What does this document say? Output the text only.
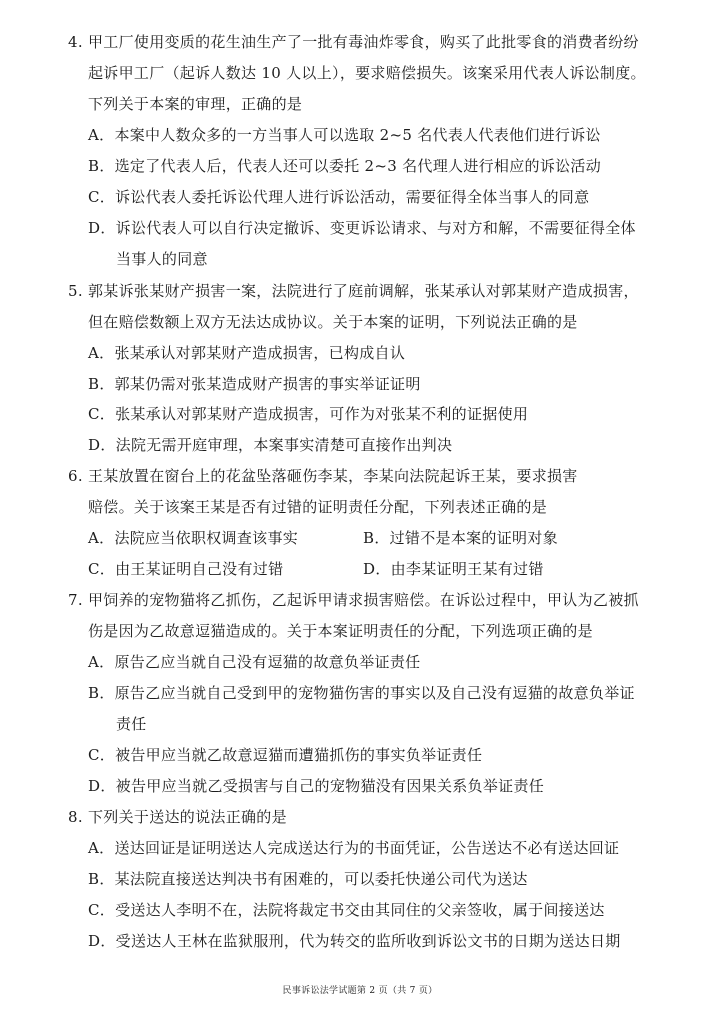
4. 甲工厂使用变质的花生油生产了一批有毒油炸零食，购买了此批零食的消费者纷纷
起诉甲工厂（起诉人数达 10 人以上），要求赔偿损失。该案采用代表人诉讼制度。
下列关于本案的审理，正确的是
A．本案中人数众多的一方当事人可以选取 2~5 名代表人代表他们进行诉讼
B．选定了代表人后，代表人还可以委托 2~3 名代理人进行相应的诉讼活动
C．诉讼代表人委托诉讼代理人进行诉讼活动，需要征得全体当事人的同意
D．诉讼代表人可以自行决定撤诉、变更诉讼请求、与对方和解，不需要征得全体
当事人的同意
5. 郭某诉张某财产损害一案，法院进行了庭前调解，张某承认对郭某财产造成损害，
但在赔偿数额上双方无法达成协议。关于本案的证明，下列说法正确的是
A．张某承认对郭某财产造成损害，已构成自认
B．郭某仍需对张某造成财产损害的事实举证证明
C．张某承认对郭某财产造成损害，可作为对张某不利的证据使用
D．法院无需开庭审理，本案事实清楚可直接作出判决
6. 王某放置在窗台上的花盆坠落砸伤李某，李某向法院起诉王某，要求损害
赔偿。关于该案王某是否有过错的证明责任分配，下列表述正确的是
A．法院应当依职权调查该事实	B．过错不是本案的证明对象
C．由王某证明自己没有过错	D．由李某证明王某有过错
7. 甲饲养的宠物猫将乙抓伤，乙起诉甲请求损害赔偿。在诉讼过程中，甲认为乙被抓
伤是因为乙故意逗猫造成的。关于本案证明责任的分配，下列选项正确的是
A．原告乙应当就自己没有逗猫的故意负举证责任
B．原告乙应当就自己受到甲的宠物猫伤害的事实以及自己没有逗猫的故意负举证
责任
C．被告甲应当就乙故意逗猫而遭猫抓伤的事实负举证责任
D．被告甲应当就乙受损害与自己的宠物猫没有因果关系负举证责任
8. 下列关于送达的说法正确的是
A．送达回证是证明送达人完成送达行为的书面凭证，公告送达不必有送达回证
B．某法院直接送达判决书有困难的，可以委托快递公司代为送达
C．受送达人李明不在，法院将裁定书交由其同住的父亲签收，属于间接送达
D．受送达人王林在监狱服刑，代为转交的监所收到诉讼文书的日期为送达日期
民事诉讼法学试题第 2 页（共 7 页）
